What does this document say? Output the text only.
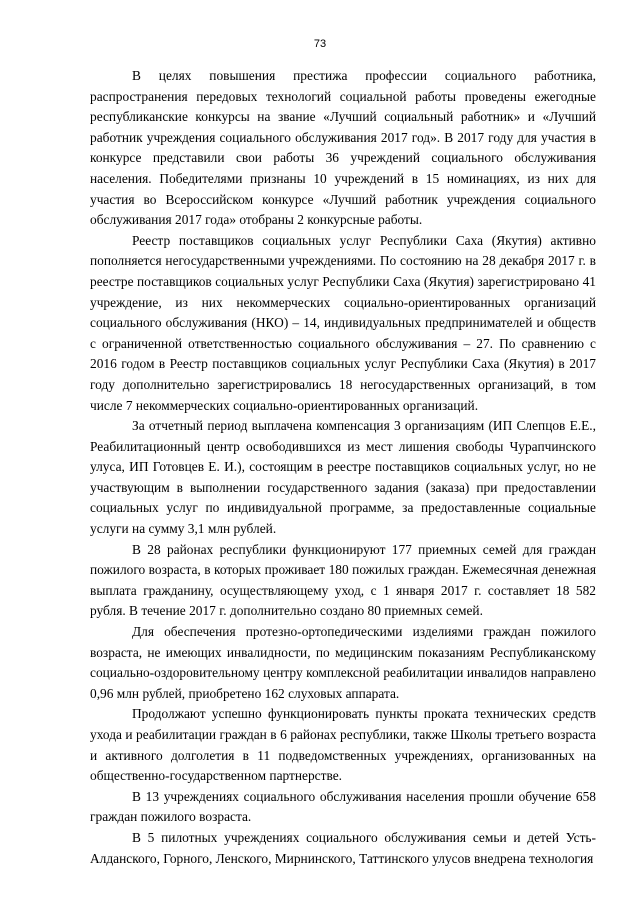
73

В целях повышения престижа профессии социального работника, распространения передовых технологий социальной работы проведены ежегодные республиканские конкурсы на звание «Лучший социальный работник» и «Лучший работник учреждения социального обслуживания 2017 год». В 2017 году для участия в конкурсе представили свои работы 36 учреждений социального обслуживания населения. Победителями признаны 10 учреждений в 15 номинациях, из них для участия во Всероссийском конкурсе «Лучший работник учреждения социального обслуживания 2017 года» отобраны 2 конкурсные работы.

Реестр поставщиков социальных услуг Республики Саха (Якутия) активно пополняется негосударственными учреждениями. По состоянию на 28 декабря 2017 г. в реестре поставщиков социальных услуг Республики Саха (Якутия) зарегистрировано 41 учреждение, из них некоммерческих социально-ориентированных организаций социального обслуживания (НКО) – 14, индивидуальных предпринимателей и обществ с ограниченной ответственностью социального обслуживания – 27. По сравнению с 2016 годом в Реестр поставщиков социальных услуг Республики Саха (Якутия) в 2017 году дополнительно зарегистрировались 18 негосударственных организаций, в том числе 7 некоммерческих социально-ориентированных организаций.

За отчетный период выплачена компенсация 3 организациям (ИП Слепцов Е.Е., Реабилитационный центр освободившихся из мест лишения свободы Чурапчинского улуса, ИП Готовцев Е. И.), состоящим в реестре поставщиков социальных услуг, но не участвующим в выполнении государственного задания (заказа) при предоставлении социальных услуг по индивидуальной программе, за предоставленные социальные услуги на сумму 3,1 млн рублей.

В 28 районах республики функционируют 177 приемных семей для граждан пожилого возраста, в которых проживает 180 пожилых граждан. Ежемесячная денежная выплата гражданину, осуществляющему уход, с 1 января 2017 г. составляет 18 582 рубля. В течение 2017 г. дополнительно создано 80 приемных семей.

Для обеспечения протезно-ортопедическими изделиями граждан пожилого возраста, не имеющих инвалидности, по медицинским показаниям Республиканскому социально-оздоровительному центру комплексной реабилитации инвалидов направлено 0,96 млн рублей, приобретено 162 слуховых аппарата.

Продолжают успешно функционировать пункты проката технических средств ухода и реабилитации граждан в 6 районах республики, также Школы третьего возраста и активного долголетия в 11 подведомственных учреждениях, организованных на общественно-государственном партнерстве.

В 13 учреждениях социального обслуживания населения прошли обучение 658 граждан пожилого возраста.

В 5 пилотных учреждениях социального обслуживания семьи и детей Усть-Алданского, Горного, Ленского, Мирнинского, Таттинского улусов внедрена технология
